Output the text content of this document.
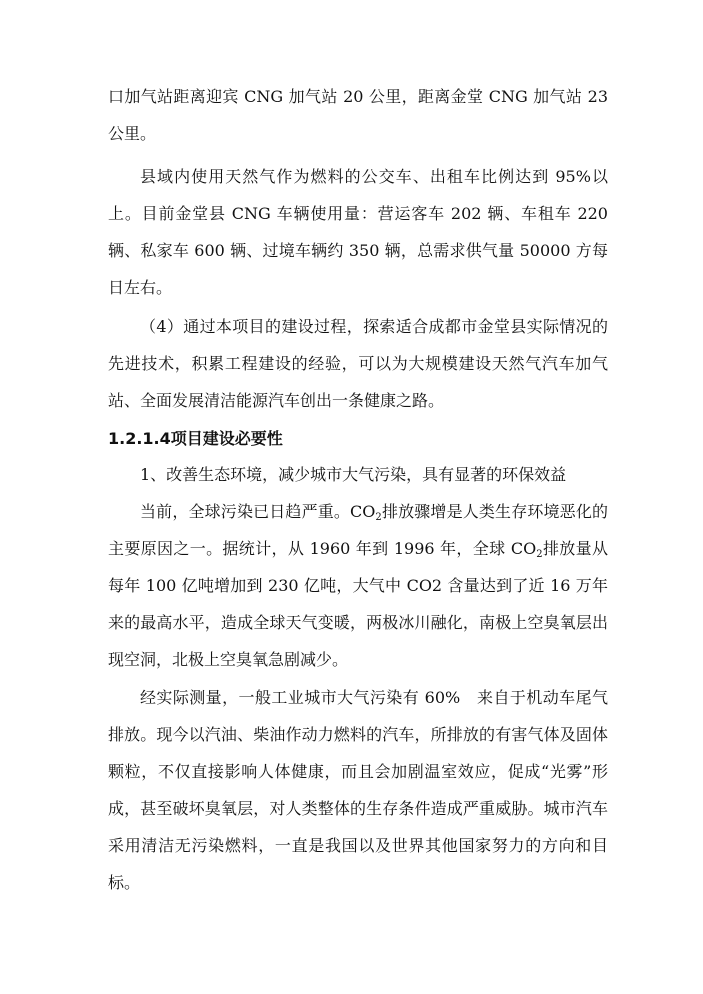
口加气站距离迎宾 CNG 加气站 20 公里，距离金堂 CNG 加气站 23 公里。

县域内使用天然气作为燃料的公交车、出租车比例达到 95%以上。目前金堂县 CNG 车辆使用量：营运客车 202 辆、车租车 220 辆、私家车 600 辆、过境车辆约 350 辆，总需求供气量 50000 方每日左右。

（4）通过本项目的建设过程，探索适合成都市金堂县实际情况的先进技术，积累工程建设的经验，可以为大规模建设天然气汽车加气站、全面发展清洁能源汽车创出一条健康之路。

1.2.1.4项目建设必要性

1、改善生态环境，减少城市大气污染，具有显著的环保效益

当前，全球污染已日趋严重。$CO_2$排放骤增是人类生存环境恶化的主要原因之一。据统计，从 1960 年到 1996 年，全球 $CO_2$排放量从每年 100 亿吨增加到 230 亿吨，大气中 CO2 含量达到了近 16 万年来的最高水平，造成全球天气变暖，两极冰川融化，南极上空臭氧层出现空洞，北极上空臭氧急剧减少。

经实际测量，一般工业城市大气污染有 60%　来自于机动车尾气排放。现今以汽油、柴油作动力燃料的汽车，所排放的有害气体及固体颗粒，不仅直接影响人体健康，而且会加剧温室效应，促成“光雾”形成，甚至破坏臭氧层，对人类整体的生存条件造成严重威胁。城市汽车采用清洁无污染燃料，一直是我国以及世界其他国家努力的方向和目标。
